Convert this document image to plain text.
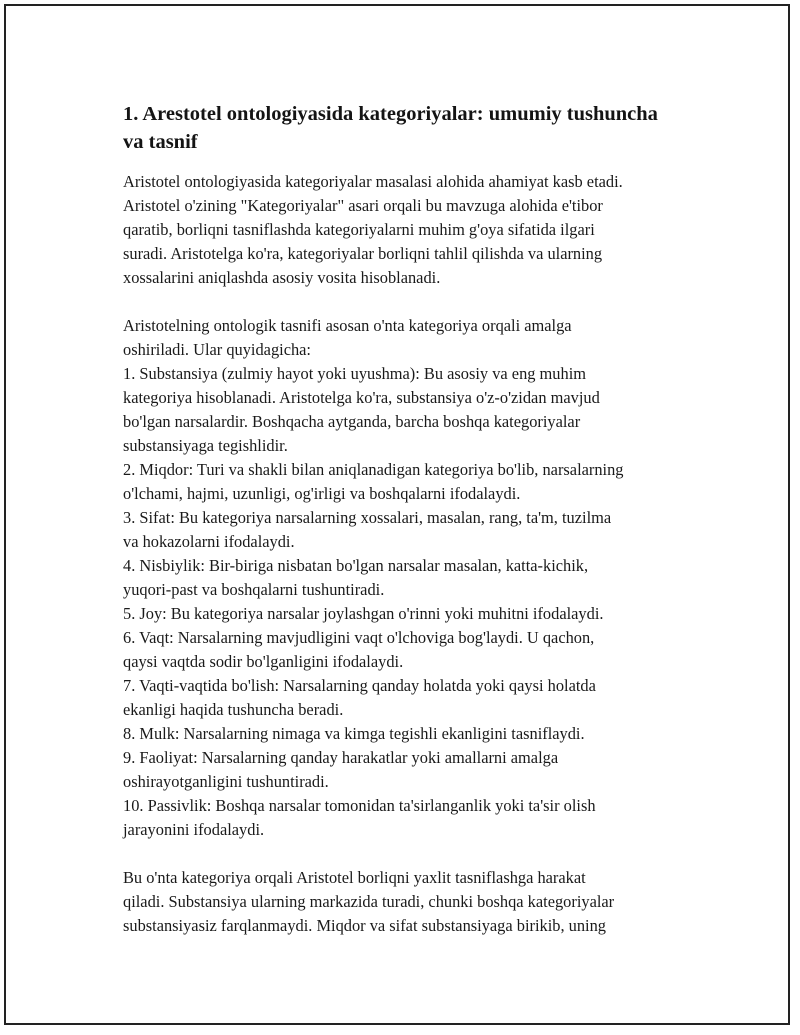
1. Arestotel ontologiyasida kategoriyalar: umumiy tushuncha
va tasnif

Aristotel ontologiyasida kategoriyalar masalasi alohida ahamiyat kasb etadi.
Aristotel o'zining "Kategoriyalar" asari orqali bu mavzuga alohida e'tibor
qaratib, borliqni tasniflashda kategoriyalarni muhim g'oya sifatida ilgari
suradi. Aristotelga ko'ra, kategoriyalar borliqni tahlil qilishda va ularning
xossalarini aniqlashda asosiy vosita hisoblanadi.

Aristotelning ontologik tasnifi asosan o'nta kategoriya orqali amalga
oshiriladi. Ular quyidagicha:
1. Substansiya (zulmiy hayot yoki uyushma): Bu asosiy va eng muhim
kategoriya hisoblanadi. Aristotelga ko'ra, substansiya o'z-o'zidan mavjud
bo'lgan narsalardir. Boshqacha aytganda, barcha boshqa kategoriyalar
substansiyaga tegishlidir.
2. Miqdor: Turi va shakli bilan aniqlanadigan kategoriya bo'lib, narsalarning
o'lchami, hajmi, uzunligi, og'irligi va boshqalarni ifodalaydi.
3. Sifat: Bu kategoriya narsalarning xossalari, masalan, rang, ta'm, tuzilma
va hokazolarni ifodalaydi.
4. Nisbiylik: Bir-biriga nisbatan bo'lgan narsalar masalan, katta-kichik,
yuqori-past va boshqalarni tushuntiradi.
5. Joy: Bu kategoriya narsalar joylashgan o'rinni yoki muhitni ifodalaydi.
6. Vaqt: Narsalarning mavjudligini vaqt o'lchoviga bog'laydi. U qachon,
qaysi vaqtda sodir bo'lganligini ifodalaydi.
7. Vaqti-vaqtida bo'lish: Narsalarning qanday holatda yoki qaysi holatda
ekanligi haqida tushuncha beradi.
8. Mulk: Narsalarning nimaga va kimga tegishli ekanligini tasniflaydi.
9. Faoliyat: Narsalarning qanday harakatlar yoki amallarni amalga
oshirayotganligini tushuntiradi.
10. Passivlik: Boshqa narsalar tomonidan ta'sirlanganlik yoki ta'sir olish
jarayonini ifodalaydi.

Bu o'nta kategoriya orqali Aristotel borliqni yaxlit tasniflashga harakat
qiladi. Substansiya ularning markazida turadi, chunki boshqa kategoriyalar
substansiyasiz farqlanmaydi. Miqdor va sifat substansiyaga birikib, uning
